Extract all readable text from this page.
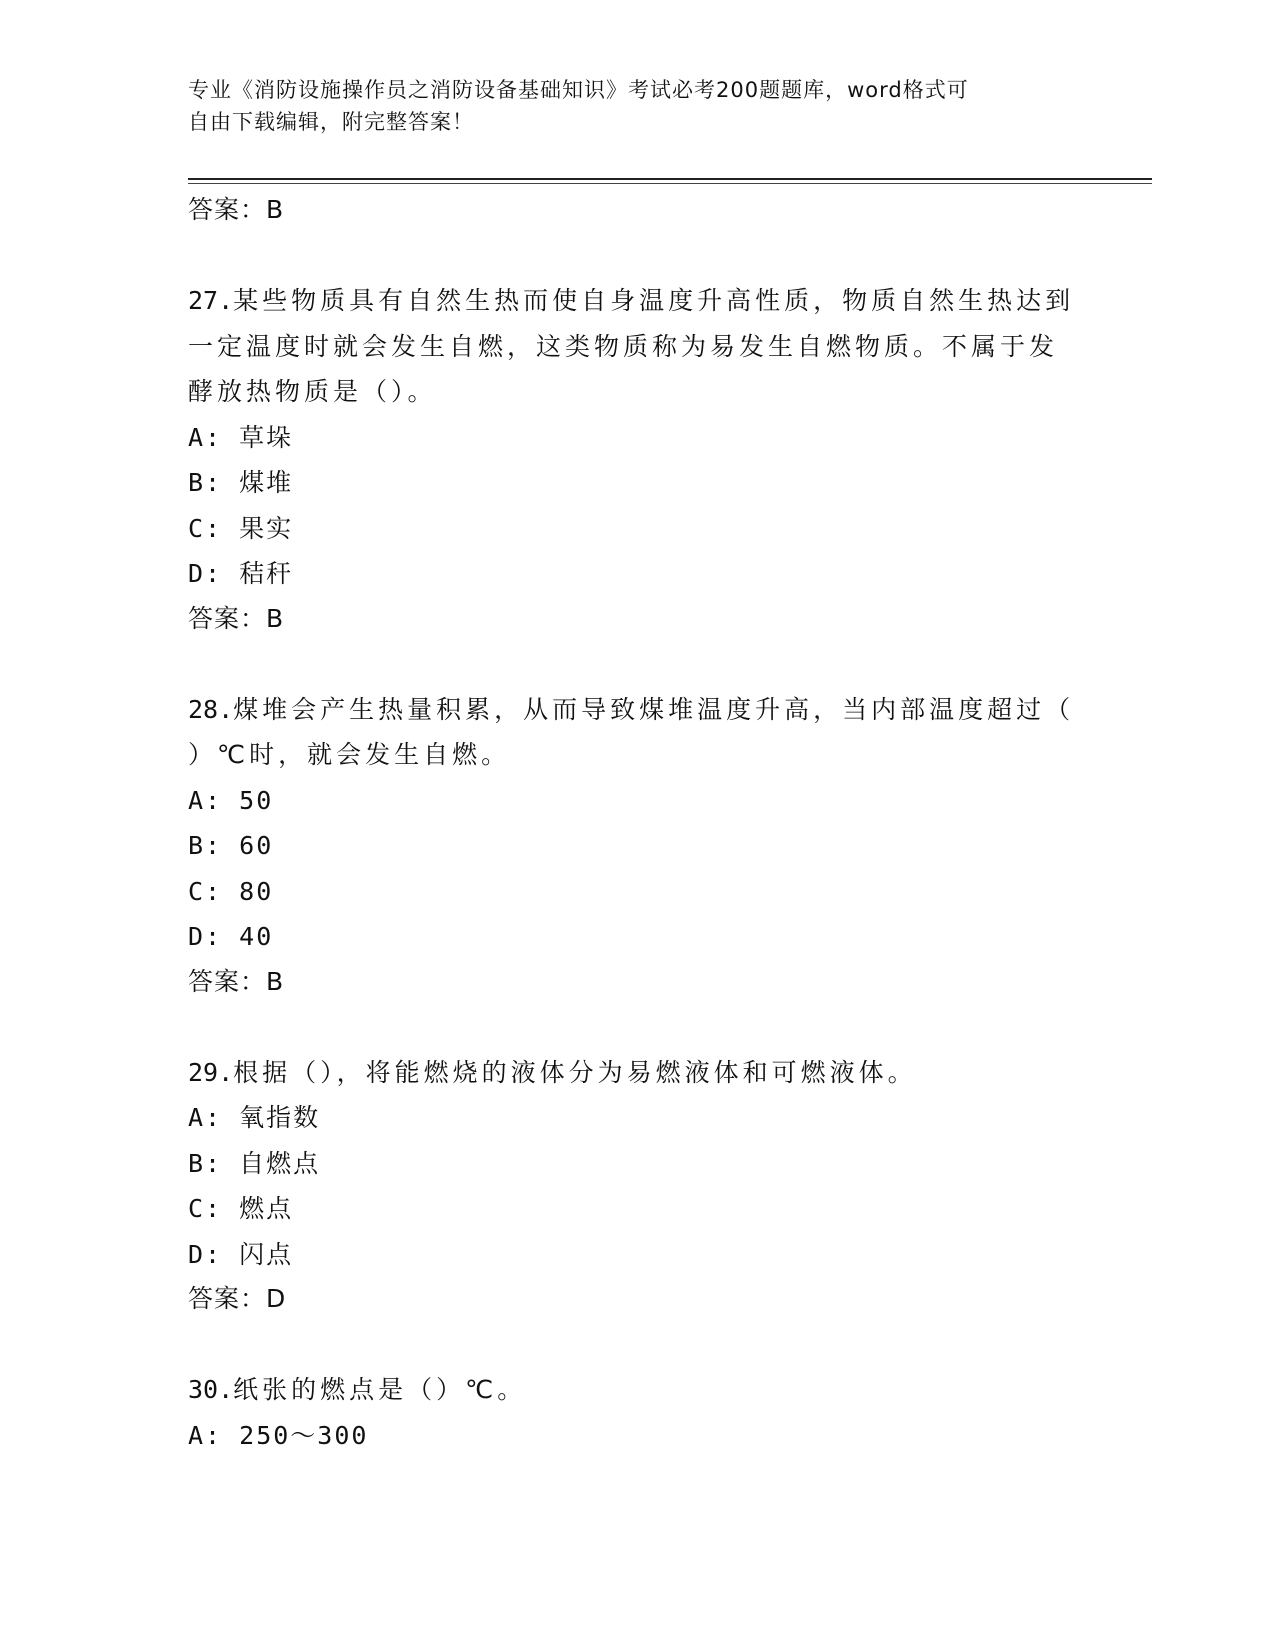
专业《消防设施操作员之消防设备基础知识》考试必考200题题库，word格式可
自由下载编辑，附完整答案！
答案：B
27.某些物质具有自然生热而使自身温度升高性质，物质自然生热达到
一定温度时就会发生自燃，这类物质称为易发生自燃物质。不属于发
酵放热物质是（）。
A: 草垛
B: 煤堆
C: 果实
D: 秸秆
答案：B
28.煤堆会产生热量积累，从而导致煤堆温度升高，当内部温度超过（
）℃时，就会发生自燃。
A: 50
B: 60
C: 80
D: 40
答案：B
29.根据（），将能燃烧的液体分为易燃液体和可燃液体。
A: 氧指数
B: 自燃点
C: 燃点
D: 闪点
答案：D
30.纸张的燃点是（）℃。
A: 250～300
